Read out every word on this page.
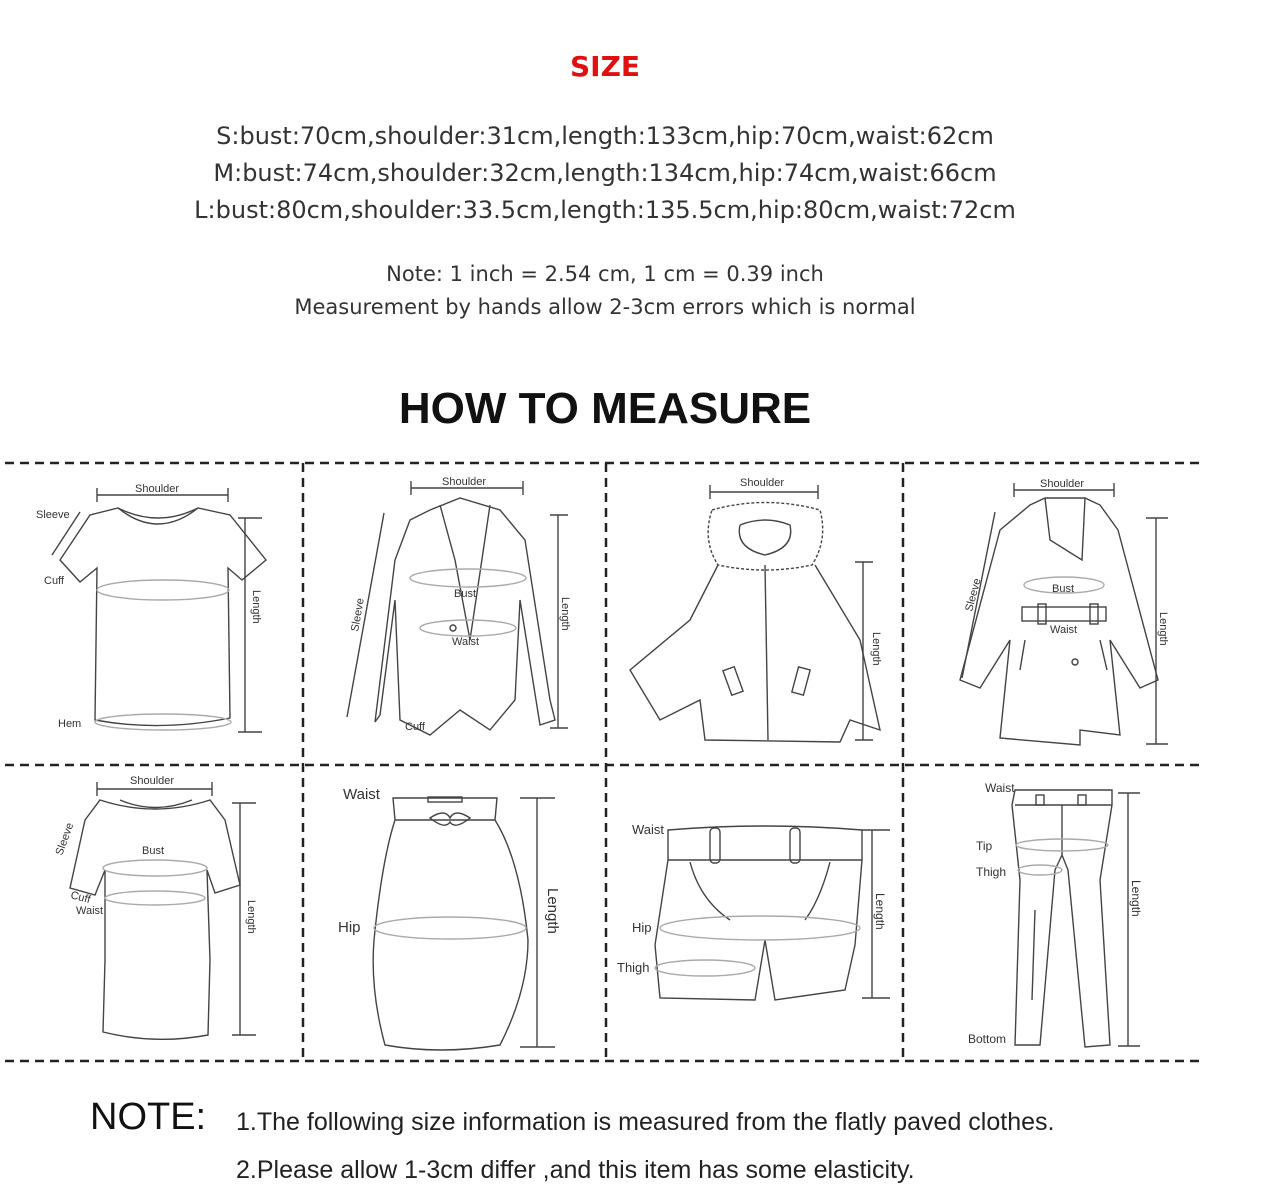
SIZE
S:bust:70cm,shoulder:31cm,length:133cm,hip:70cm,waist:62cm
M:bust:74cm,shoulder:32cm,length:134cm,hip:74cm,waist:66cm
L:bust:80cm,shoulder:33.5cm,length:135.5cm,hip:80cm,waist:72cm
Note: 1 inch = 2.54 cm, 1 cm = 0.39 inch
Measurement by hands allow 2-3cm errors which is normal
HOW TO MEASURE
Shoulder
Sleeve
Cuff
Hem
Length
Shoulder
Sleeve
Bust
Waist
Cuff
Length
Shoulder
Length
Shoulder
Sleeve	Bust
Waist	Length
Shoulder
Sleeve	Bust
Cuff
Waist	Length
Waist
Hip	Length
Waist
Hip
Thigh
Length
Waist
Tip
Thigh
Bottom
Length
NOTE: 1.The following size information is measured from the flatly paved clothes.
2.Please allow 1-3cm differ ,and this item has some elasticity.
